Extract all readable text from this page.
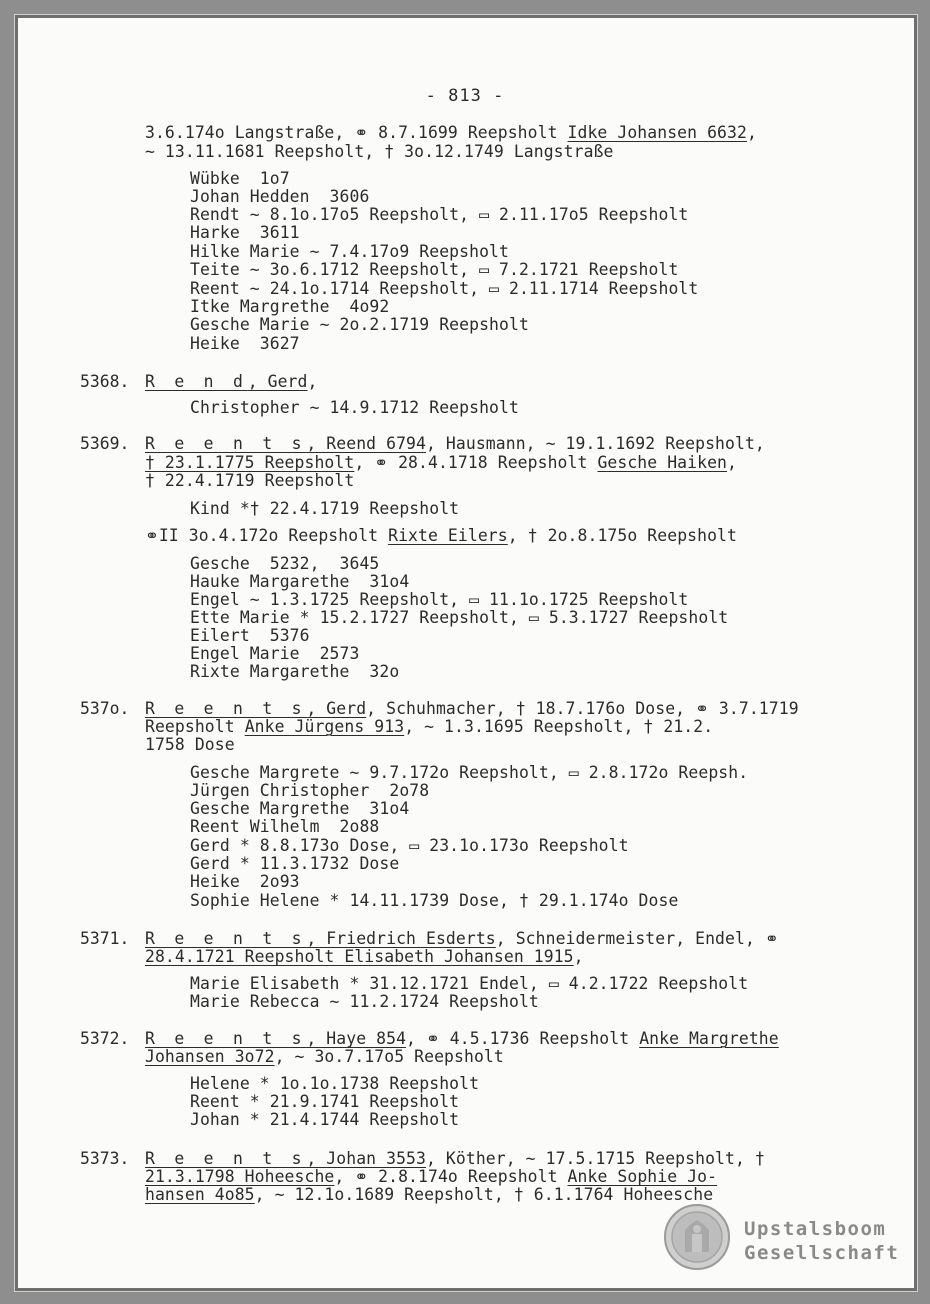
- 813 -
3.6.174o Langstraße, ⚭ 8.7.1699 Reepsholt Idke Johansen 6632,
~ 13.11.1681 Reepsholt, † 3o.12.1749 Langstraße
Wübke  1o7
Johan Hedden  3606
Rendt ~ 8.1o.17o5 Reepsholt, ▭ 2.11.17o5 Reepsholt
Harke  3611
Hilke Marie ~ 7.4.17o9 Reepsholt
Teite ~ 3o.6.1712 Reepsholt, ▭ 7.2.1721 Reepsholt
Reent ~ 24.1o.1714 Reepsholt, ▭ 2.11.1714 Reepsholt
Itke Margrethe  4o92
Gesche Marie ~ 2o.2.1719 Reepsholt
Heike  3627
5368. R e n d, Gerd,
Christopher ~ 14.9.1712 Reepsholt
5369. R e e n t s, Reend 6794, Hausmann, ~ 19.1.1692 Reepsholt,
† 23.1.1775 Reepsholt, ⚭ 28.4.1718 Reepsholt Gesche Haiken,
† 22.4.1719 Reepsholt
Kind *† 22.4.1719 Reepsholt
⚭II 3o.4.172o Reepsholt Rixte Eilers, † 2o.8.175o Reepsholt
Gesche  5232,  3645
Hauke Margarethe  31o4
Engel ~ 1.3.1725 Reepsholt, ▭ 11.1o.1725 Reepsholt
Ette Marie * 15.2.1727 Reepsholt, ▭ 5.3.1727 Reepsholt
Eilert  5376
Engel Marie  2573
Rixte Margarethe  32o
537o. R e e n t s, Gerd, Schuhmacher, † 18.7.176o Dose, ⚭ 3.7.1719
Reepsholt Anke Jürgens 913, ~ 1.3.1695 Reepsholt, † 21.2.
1758 Dose
Gesche Margrete ~ 9.7.172o Reepsholt, ▭ 2.8.172o Reepsh.
Jürgen Christopher  2o78
Gesche Margrethe  31o4
Reent Wilhelm  2o88
Gerd * 8.8.173o Dose, ▭ 23.1o.173o Reepsholt
Gerd * 11.3.1732 Dose
Heike  2o93
Sophie Helene * 14.11.1739 Dose, † 29.1.174o Dose
5371. R e e n t s, Friedrich Esderts, Schneidermeister, Endel, ⚭
28.4.1721 Reepsholt Elisabeth Johansen 1915,
Marie Elisabeth * 31.12.1721 Endel, ▭ 4.2.1722 Reepsholt
Marie Rebecca ~ 11.2.1724 Reepsholt
5372. R e e n t s, Haye 854, ⚭ 4.5.1736 Reepsholt Anke Margrethe
Johansen 3o72, ~ 3o.7.17o5 Reepsholt
Helene * 1o.1o.1738 Reepsholt
Reent * 21.9.1741 Reepsholt
Johan * 21.4.1744 Reepsholt
5373. R e e n t s, Johan 3553, Köther, ~ 17.5.1715 Reepsholt, †
21.3.1798 Hoheesche, ⚭ 2.8.174o Reepsholt Anke Sophie Jo-
hansen 4o85, ~ 12.1o.1689 Reepsholt, † 6.1.1764 Hoheesche
Upstalsboom
Gesellschaft
